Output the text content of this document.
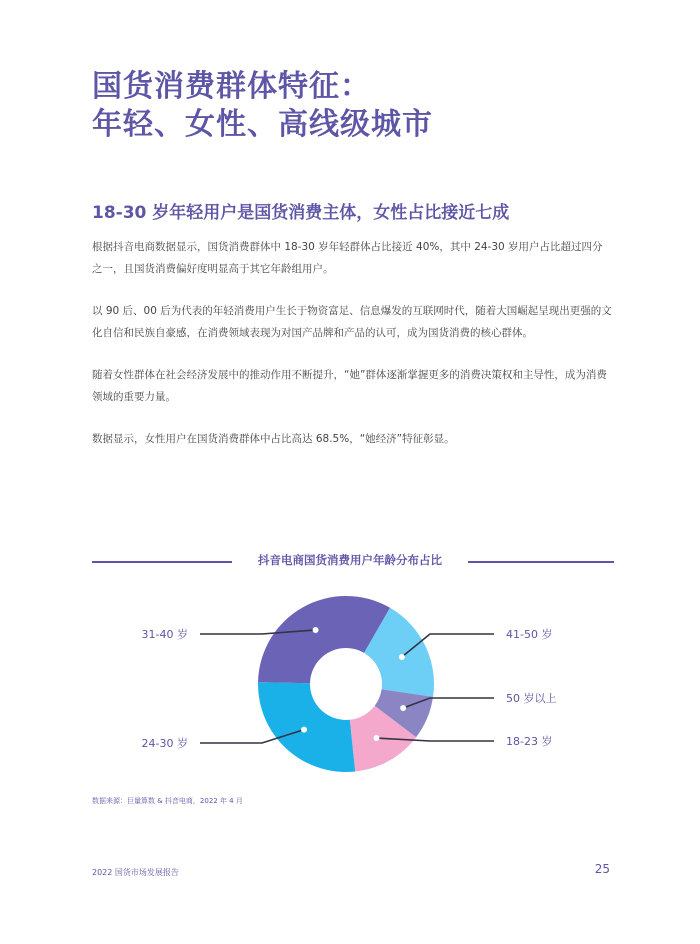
国货消费群体特征：
年轻、女性、高线级城市
18-30 岁年轻用户是国货消费主体，女性占比接近七成

根据抖音电商数据显示，国货消费群体中 18-30 岁年轻群体占比接近 40%，其中 24-30 岁用户占比超过四分之一，且国货消费偏好度明显高于其它年龄组用户。

以 90 后、00 后为代表的年轻消费用户生长于物资富足、信息爆发的互联网时代，随着大国崛起呈现出更强的文化自信和民族自豪感，在消费领域表现为对国产品牌和产品的认可，成为国货消费的核心群体。

随着女性群体在社会经济发展中的推动作用不断提升，“她”群体逐渐掌握更多的消费决策权和主导性，成为消费领域的重要力量。

数据显示，女性用户在国货消费群体中占比高达 68.5%，“她经济”特征彰显。

抖音电商国货消费用户年龄分布占比
41-50 岁
50 岁以上
18-23 岁
24-30 岁
31-40 岁
数据来源：巨量算数 & 抖音电商，2022 年 4 月
2022 国货市场发展报告	25
